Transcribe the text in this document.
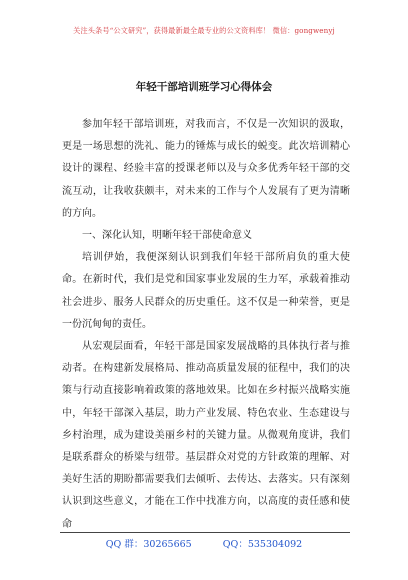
关注头条号“公文研究”，获得最新最全最专业的公文资料库！ 微信：gongwenyj
年轻干部培训班学习心得体会

参加年轻干部培训班，对我而言，不仅是一次知识的汲取，更是一场思想的洗礼、能力的锤炼与成长的蜕变。此次培训精心设计的课程、经验丰富的授课老师以及与众多优秀年轻干部的交流互动，让我收获颇丰，对未来的工作与个人发展有了更为清晰的方向。

一、深化认知，明晰年轻干部使命意义

培训伊始，我便深刻认识到我们年轻干部所肩负的重大使命。在新时代，我们是党和国家事业发展的生力军，承载着推动社会进步、服务人民群众的历史重任。这不仅是一种荣誉，更是一份沉甸甸的责任。

从宏观层面看，年轻干部是国家发展战略的具体执行者与推动者。在构建新发展格局、推动高质量发展的征程中，我们的决策与行动直接影响着政策的落地效果。比如在乡村振兴战略实施中，年轻干部深入基层，助力产业发展、特色农业、生态建设与乡村治理，成为建设美丽乡村的关键力量。从微观角度讲，我们是联系群众的桥梁与纽带。基层群众对党的方针政策的理解、对美好生活的期盼都需要我们去倾听、去传达、去落实。只有深刻认识到这些意义，才能在工作中找准方向，以高度的责任感和使命

QQ 群：30265665	QQ：535304092
